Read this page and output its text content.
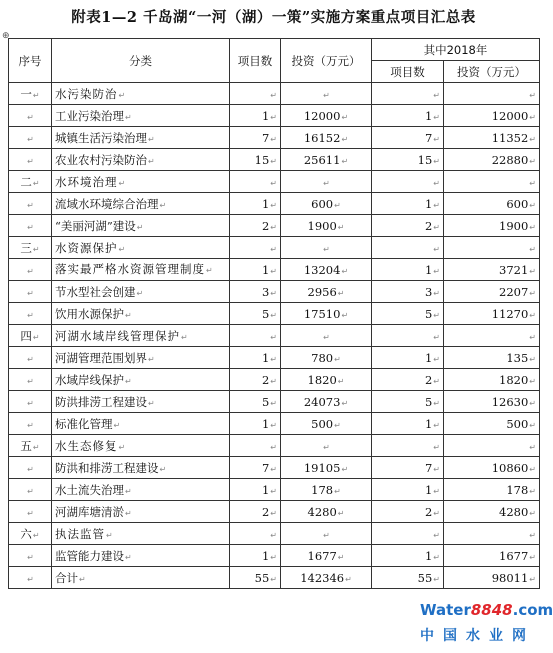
附表1—2 千岛湖“一河（湖）一策”实施方案重点项目汇总表
⊕
序号	分类	项目数	投资（万元）	其中2018年	
				项目数	投资（万元）
一↵	水污染防治↵	↵	↵	↵	↵
↵	工业污染治理↵	1↵	12000↵	1↵	12000↵
↵	城镇生活污染治理↵	7↵	16152↵	7↵	11352↵
↵	农业农村污染防治↵	15↵	25611↵	15↵	22880↵
二↵	水环境治理↵	↵	↵	↵	↵
↵	流域水环境综合治理↵	1↵	600↵	1↵	600↵
↵	“美丽河湖”建设↵	2↵	1900↵	2↵	1900↵
三↵	水资源保护↵	↵	↵	↵	↵
↵	落实最严格水资源管理制度↵	1↵	13204↵	1↵	3721↵
↵	节水型社会创建↵	3↵	2956↵	3↵	2207↵
↵	饮用水源保护↵	5↵	17510↵	5↵	11270↵
四↵	河湖水域岸线管理保护↵	↵	↵	↵	↵
↵	河湖管理范围划界↵	1↵	780↵	1↵	135↵
↵	水域岸线保护↵	2↵	1820↵	2↵	1820↵
↵	防洪排涝工程建设↵	5↵	24073↵	5↵	12630↵
↵	标准化管理↵	1↵	500↵	1↵	500↵
五↵	水生态修复↵	↵	↵	↵	↵
↵	防洪和排涝工程建设↵	7↵	19105↵	7↵	10860↵
↵	水土流失治理↵	1↵	178↵	1↵	178↵
↵	河湖库塘清淤↵	2↵	4280↵	2↵	4280↵
六↵	执法监管↵	↵	↵	↵	↵
↵	监管能力建设↵	1↵	1677↵	1↵	1677↵
↵	合计↵	55↵	142346↵	55↵	98011↵
Water8848.com
中国水业网
